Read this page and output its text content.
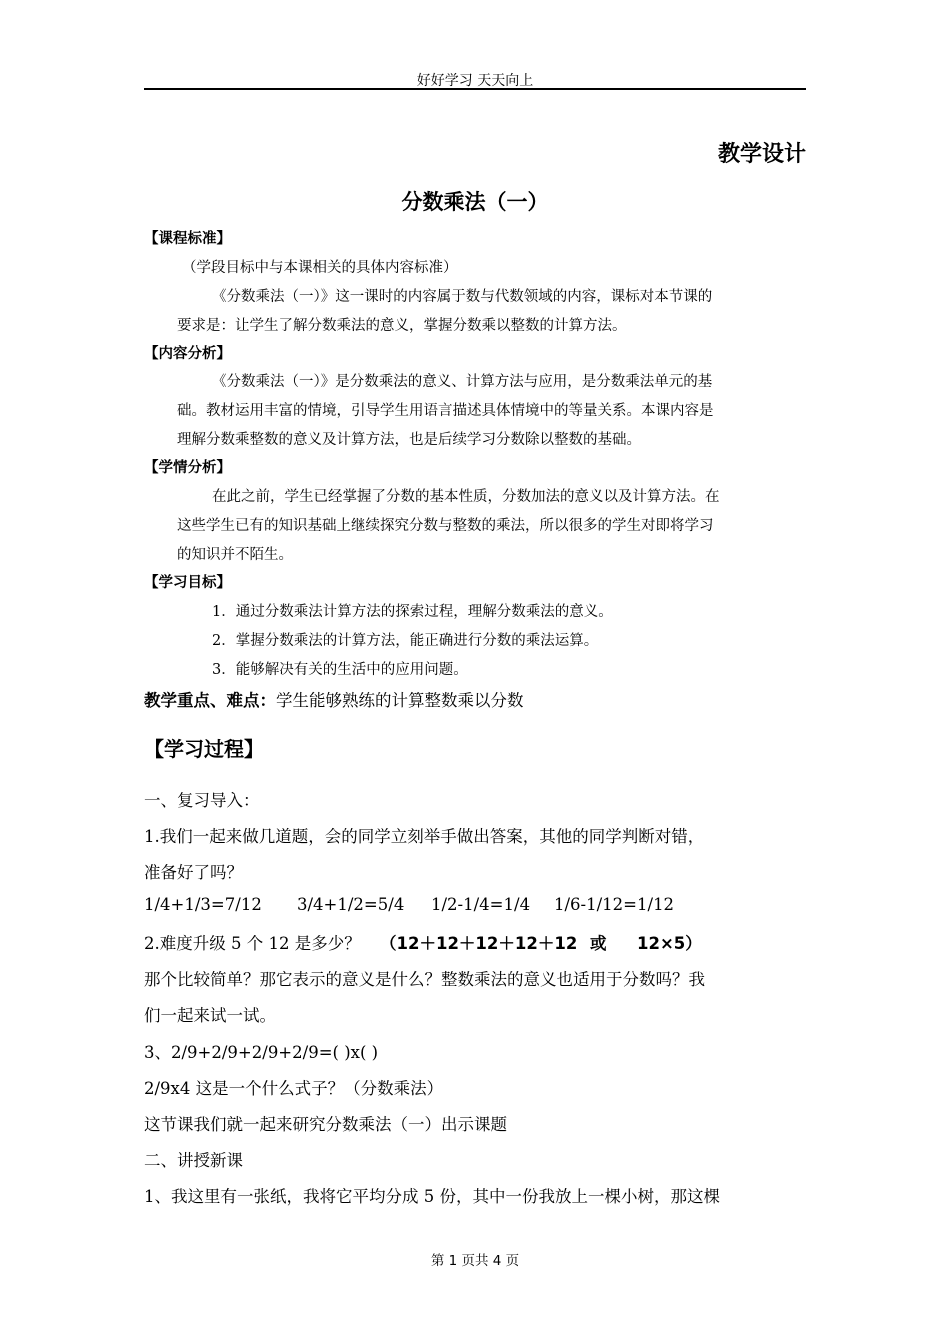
好好学习 天天向上
教学设计
分数乘法（一）
【课程标准】
（学段目标中与本课相关的具体内容标准）
《分数乘法（一）》这一课时的内容属于数与代数领域的内容，课标对本节课的
要求是：让学生了解分数乘法的意义，掌握分数乘以整数的计算方法。
【内容分析】
《分数乘法（一）》是分数乘法的意义、计算方法与应用，是分数乘法单元的基
础。教材运用丰富的情境，引导学生用语言描述具体情境中的等量关系。本课内容是
理解分数乘整数的意义及计算方法，也是后续学习分数除以整数的基础。
【学情分析】
在此之前，学生已经掌握了分数的基本性质，分数加法的意义以及计算方法。在
这些学生已有的知识基础上继续探究分数与整数的乘法，所以很多的学生对即将学习
的知识并不陌生。
【学习目标】
1．通过分数乘法计算方法的探索过程，理解分数乘法的意义。
2．掌握分数乘法的计算方法，能正确进行分数的乘法运算。
3．能够解决有关的生活中的应用问题。
教学重点、难点：学生能够熟练的计算整数乘以分数
【学习过程】
一、复习导入：
1.我们一起来做几道题，会的同学立刻举手做出答案，其他的同学判断对错，
准备好了吗？
1/4+1/3=7/12 3/4+1/2=5/4 1/2-1/4=1/4 1/6-1/12=1/12
2.难度升级 5 个 12 是多少？ （12＋12＋12＋12＋12 或 12×5）
那个比较简单？那它表示的意义是什么？整数乘法的意义也适用于分数吗？我
们一起来试一试。
3、2/9+2/9+2/9+2/9=( )x( )
2/9x4 这是一个什么式子？（分数乘法）
这节课我们就一起来研究分数乘法（一）出示课题
二、讲授新课
1、我这里有一张纸，我将它平均分成 5 份，其中一份我放上一棵小树，那这棵
第 1 页共 4 页
